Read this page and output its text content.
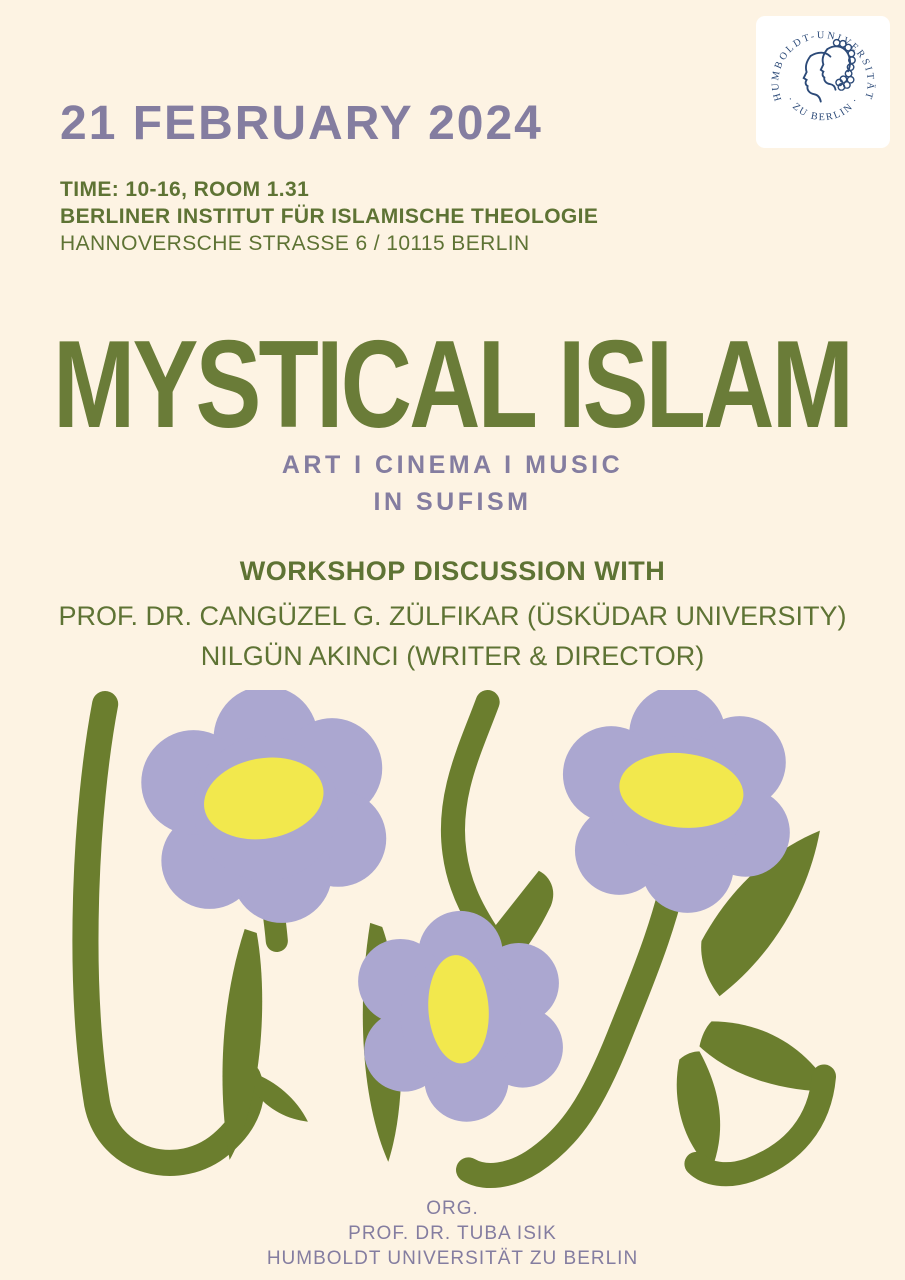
21 FEBRUARY 2024
TIME: 10-16, ROOM 1.31
BERLINER INSTITUT FÜR ISLAMISCHE THEOLOGIE
HANNOVERSCHE STRASSE 6 / 10115 BERLIN
HUMBOLDT-UNIVERSITÄT
· ZU BERLIN ·
MYSTICAL ISLAM
ART I CINEMA I MUSIC
IN SUFISM
WORKSHOP DISCUSSION WITH
PROF. DR. CANGÜZEL G. ZÜLFIKAR (ÜSKÜDAR UNIVERSITY)
NILGÜN AKINCI (WRITER & DIRECTOR)
ORG.
PROF. DR. TUBA ISIK
HUMBOLDT UNIVERSITÄT ZU BERLIN
